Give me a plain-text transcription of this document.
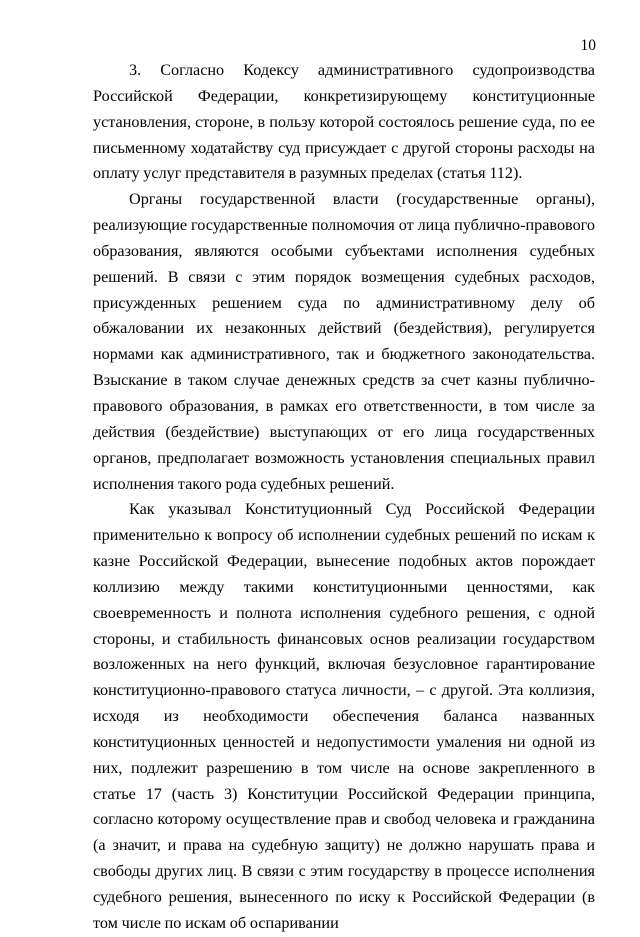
10

3. Согласно Кодексу административного судопроизводства Российской Федерации, конкретизирующему конституционные установления, стороне, в пользу которой состоялось решение суда, по ее письменному ходатайству суд присуждает с другой стороны расходы на оплату услуг представителя в разумных пределах (статья 112).

Органы государственной власти (государственные органы), реализующие государственные полномочия от лица публично-правового образования, являются особыми субъектами исполнения судебных решений. В связи с этим порядок возмещения судебных расходов, присужденных решением суда по административному делу об обжаловании их незаконных действий (бездействия), регулируется нормами как административного, так и бюджетного законодательства. Взыскание в таком случае денежных средств за счет казны публично-правового образования, в рамках его ответственности, в том числе за действия (бездействие) выступающих от его лица государственных органов, предполагает возможность установления специальных правил исполнения такого рода судебных решений.

Как указывал Конституционный Суд Российской Федерации применительно к вопросу об исполнении судебных решений по искам к казне Российской Федерации, вынесение подобных актов порождает коллизию между такими конституционными ценностями, как своевременность и полнота исполнения судебного решения, с одной стороны, и стабильность финансовых основ реализации государством возложенных на него функций, включая безусловное гарантирование конституционно-правового статуса личности, – с другой. Эта коллизия, исходя из необходимости обеспечения баланса названных конституционных ценностей и недопустимости умаления ни одной из них, подлежит разрешению в том числе на основе закрепленного в статье 17 (часть 3) Конституции Российской Федерации принципа, согласно которому осуществление прав и свобод человека и гражданина (а значит, и права на судебную защиту) не должно нарушать права и свободы других лиц. В связи с этим государству в процессе исполнения судебного решения, вынесенного по иску к Российской Федерации (в том числе по искам об оспаривании
